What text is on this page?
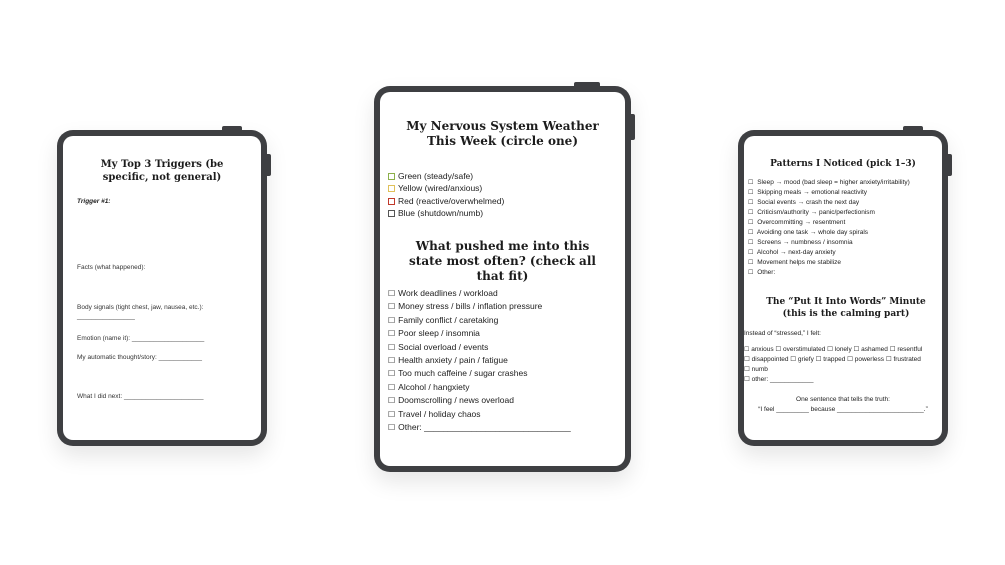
My Top 3 Triggers (be specific, not general)
Trigger #1:
Facts (what happened):
Body signals (tight chest, jaw, nausea, etc.):
________________
Emotion (name it): ____________________
My automatic thought/story: ____________
What I did next: ______________________
My Nervous System Weather This Week (circle one)
Green (steady/safe)
Yellow (wired/anxious)
Red (reactive/overwhelmed)
Blue (shutdown/numb)
What pushed me into this state most often? (check all that fit)
☐ Work deadlines / workload
☐ Money stress / bills / inflation pressure
☐ Family conflict / caretaking
☐ Poor sleep / insomnia
☐ Social overload / events
☐ Health anxiety / pain / fatigue
☐ Too much caffeine / sugar crashes
☐ Alcohol / hangxiety
☐ Doomscrolling / news overload
☐ Travel / holiday chaos
☐ Other: _______________________________
Patterns I Noticed (pick 1–3)
☐ Sleep → mood (bad sleep = higher anxiety/irritability)
☐ Skipping meals → emotional reactivity
☐ Social events → crash the next day
☐ Criticism/authority → panic/perfectionism
☐ Overcommitting → resentment
☐ Avoiding one task → whole day spirals
☐ Screens → numbness / insomnia
☐ Alcohol → next-day anxiety
☐ Movement helps me stabilize
☐ Other:
The “Put It Into Words” Minute (this is the calming part)
Instead of “stressed,” I felt:
☐ anxious ☐ overstimulated ☐ lonely ☐ ashamed ☐ resentful
☐ disappointed ☐ griefy ☐ trapped ☐ powerless ☐ frustrated
☐ numb
☐ other: ____________
One sentence that tells the truth:
“I feel _________ because ________________________.”
